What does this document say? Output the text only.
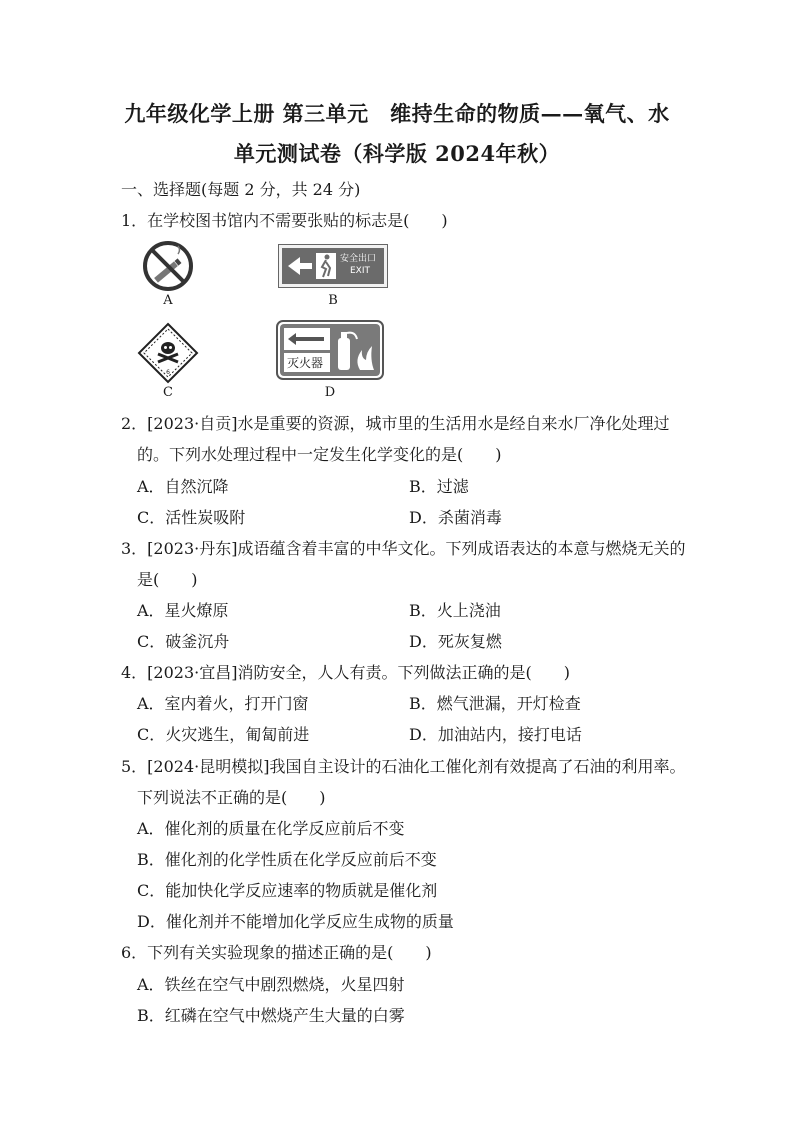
九年级化学上册 第三单元　维持生命的物质——氧气、水
单元测试卷（科学版 2024年秋）
一、选择题(每题 2 分，共 24 分)
1．在学校图书馆内不需要张贴的标志是(　　)
A
安全出口
EXIT
B
6
C
灭火器
D
2．[2023·自贡]水是重要的资源，城市里的生活用水是经自来水厂净化处理过
的。下列水处理过程中一定发生化学变化的是(　　)
A．自然沉降	B．过滤
C．活性炭吸附	D．杀菌消毒
3．[2023·丹东]成语蕴含着丰富的中华文化。下列成语表达的本意与燃烧无关的
是(　　)
A．星火燎原	B．火上浇油
C．破釜沉舟	D．死灰复燃
4．[2023·宜昌]消防安全，人人有责。下列做法正确的是(　　)
A．室内着火，打开门窗	B．燃气泄漏，开灯检查
C．火灾逃生，匍匐前进	D．加油站内，接打电话
5．[2024·昆明模拟]我国自主设计的石油化工催化剂有效提高了石油的利用率。
下列说法不正确的是(　　)
A．催化剂的质量在化学反应前后不变
B．催化剂的化学性质在化学反应前后不变
C．能加快化学反应速率的物质就是催化剂
D．催化剂并不能增加化学反应生成物的质量
6．下列有关实验现象的描述正确的是(　　)
A．铁丝在空气中剧烈燃烧，火星四射
B．红磷在空气中燃烧产生大量的白雾
